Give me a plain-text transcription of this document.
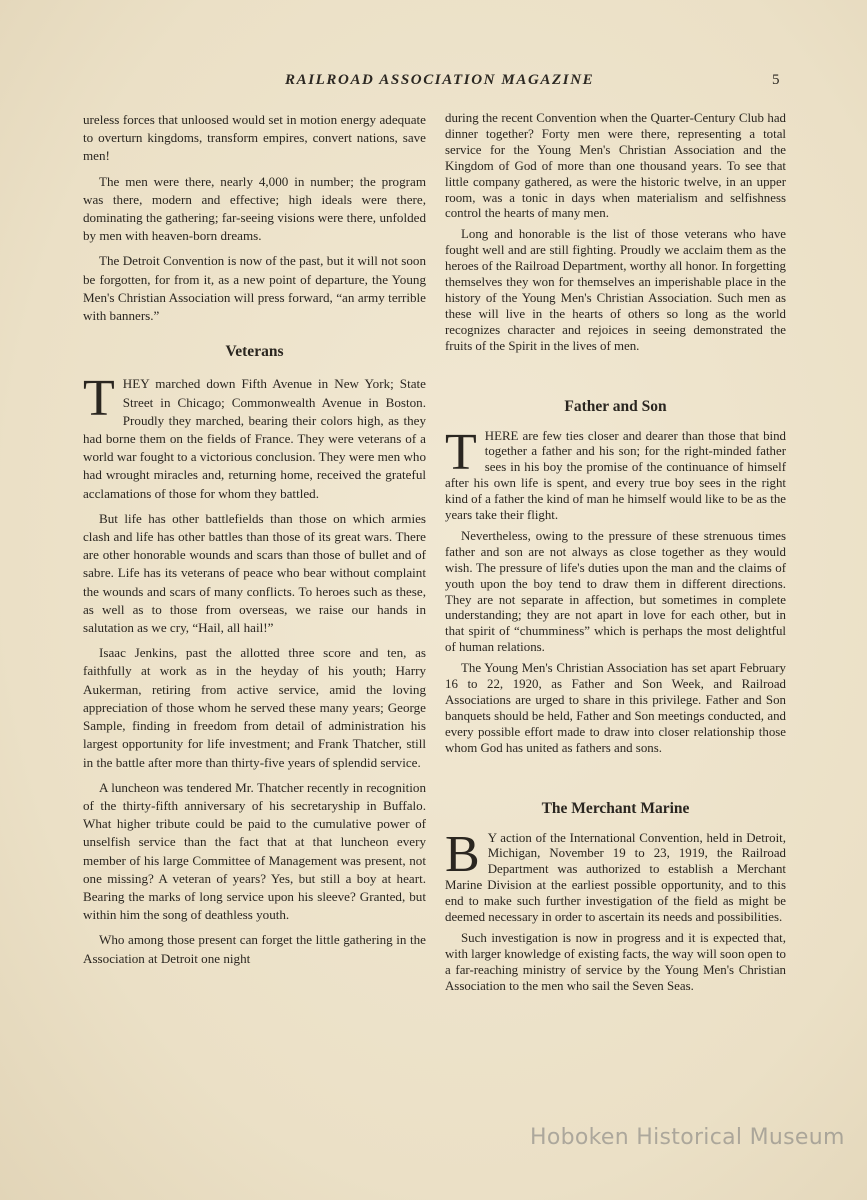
RAILROAD ASSOCIATION MAGAZINE	5

ureless forces that unloosed would set in motion energy adequate to overturn kingdoms, transform empires, convert nations, save men!

The men were there, nearly 4,000 in number; the program was there, modern and effective; high ideals were there, dominating the gathering; far-seeing visions were there, unfolded by men with heaven-born dreams.

The Detroit Convention is now of the past, but it will not soon be forgotten, for from it, as a new point of departure, the Young Men's Christian Association will press forward, “an army terrible with banners.”

Veterans

THEY marched down Fifth Avenue in New York; State Street in Chicago; Commonwealth Avenue in Boston. Proudly they marched, bearing their colors high, as they had borne them on the fields of France. They were veterans of a world war fought to a victorious conclusion. They were men who had wrought miracles and, returning home, received the grateful acclamations of those for whom they battled.

But life has other battlefields than those on which armies clash and life has other battles than those of its great wars. There are other honorable wounds and scars than those of bullet and of sabre. Life has its veterans of peace who bear without complaint the wounds and scars of many conflicts. To heroes such as these, as well as to those from overseas, we raise our hands in salutation as we cry, “Hail, all hail!”

Isaac Jenkins, past the allotted three score and ten, as faithfully at work as in the heyday of his youth; Harry Aukerman, retiring from active service, amid the loving appreciation of those whom he served these many years; George Sample, finding in freedom from detail of administration his largest opportunity for life investment; and Frank Thatcher, still in the battle after more than thirty-five years of splendid service.

A luncheon was tendered Mr. Thatcher recently in recognition of the thirty-fifth anniversary of his secretaryship in Buffalo. What higher tribute could be paid to the cumulative power of unselfish service than the fact that at that luncheon every member of his large Committee of Management was present, not one missing? A veteran of years? Yes, but still a boy at heart. Bearing the marks of long service upon his sleeve? Granted, but within him the song of deathless youth.

Who among those present can forget the little gathering in the Association at Detroit one night

during the recent Convention when the Quarter-Century Club had dinner together? Forty men were there, representing a total service for the Young Men's Christian Association and the Kingdom of God of more than one thousand years. To see that little company gathered, as were the historic twelve, in an upper room, was a tonic in days when materialism and selfishness control the hearts of many men.

Long and honorable is the list of those veterans who have fought well and are still fighting. Proudly we acclaim them as the heroes of the Railroad Department, worthy all honor. In forgetting themselves they won for themselves an imperishable place in the history of the Young Men's Christian Association. Such men as these will live in the hearts of others so long as the world recognizes character and rejoices in seeing demonstrated the fruits of the Spirit in the lives of men.

Father and Son

THERE are few ties closer and dearer than those that bind together a father and his son; for the right-minded father sees in his boy the promise of the continuance of himself after his own life is spent, and every true boy sees in the right kind of a father the kind of man he himself would like to be as the years take their flight.

Nevertheless, owing to the pressure of these strenuous times father and son are not always as close together as they would wish. The pressure of life's duties upon the man and the claims of youth upon the boy tend to draw them in different directions. They are not separate in affection, but sometimes in complete understanding; they are not apart in love for each other, but in that spirit of “chumminess” which is perhaps the most delightful of human relations.

The Young Men's Christian Association has set apart February 16 to 22, 1920, as Father and Son Week, and Railroad Associations are urged to share in this privilege. Father and Son banquets should be held, Father and Son meetings conducted, and every possible effort made to draw into closer relationship those whom God has united as fathers and sons.

The Merchant Marine

B Y action of the International Convention, held in Detroit, Michigan, November 19 to 23, 1919, the Railroad Department was authorized to establish a Merchant Marine Division at the earliest possible opportunity, and to this end to make such further investigation of the field as might be deemed necessary in order to ascertain its needs and possibilities.

Such investigation is now in progress and it is expected that, with larger knowledge of existing facts, the way will soon open to a far-reaching ministry of service by the Young Men's Christian Association to the men who sail the Seven Seas.

Hoboken Historical Museum
